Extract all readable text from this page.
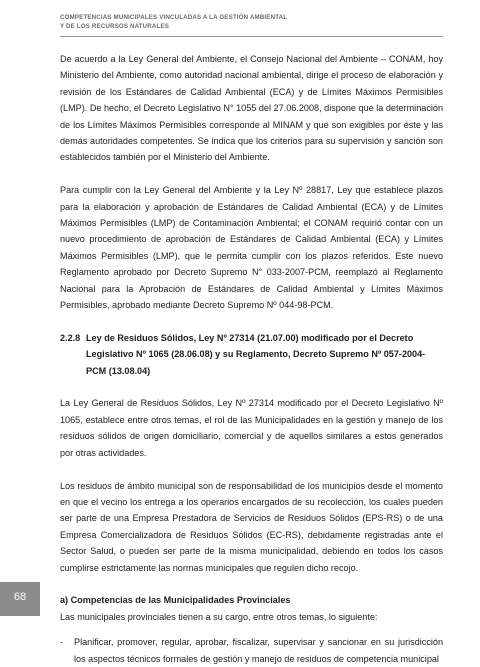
COMPETENCIAS MUNICIPALES VINCULADAS A LA GESTIÓN AMBIENTAL
Y DE LOS RECURSOS NATURALES

De acuerdo a la Ley General del Ambiente, el Consejo Nacional del Ambiente – CONAM, hoy Ministerio del Ambiente, como autoridad nacional ambiental, dirige el proceso de elaboración y revisión de los Estándares de Calidad Ambiental (ECA) y de Límites Máximos Permisibles (LMP). De hecho, el Decreto Legislativo N° 1055 del 27.06.2008, dispone que la determinación de los Límites Máximos Permisibles corresponde al MINAM y que son exigibles por éste y las demás autoridades competentes. Se indica que los criterios para su supervisión y sanción son establecidos también por el Ministerio del Ambiente.

Para cumplir con la Ley General del Ambiente y la Ley Nº 28817, Ley que establece plazos para la elaboración y aprobación de Estándares de Calidad Ambiental (ECA) y de Límites Máximos Permisibles (LMP) de Contaminación Ambiental; el CONAM requirió contar con un nuevo procedimiento de aprobación de Estándares de Calidad Ambiental (ECA) y Límites Máximos Permisibles (LMP), que le permita cumplir con los plazos referidos. Este nuevo Reglamento aprobado por Decreto Supremo N° 033-2007-PCM, reemplazó al Reglamento Nacional para la Aprobación de Estándares de Calidad Ambiental y Límites Máximos Permisibles, aprobado mediante Decreto Supremo Nº 044-98-PCM.

2.2.8 Ley de Residuos Sólidos, Ley Nº 27314 (21.07.00) modificado por el Decreto Legislativo Nº 1065 (28.06.08) y su Reglamento, Decreto Supremo Nº 057-2004-PCM (13.08.04)

La Ley General de Residuos Sólidos, Ley Nº 27314 modificado por el Decreto Legislativo Nº 1065, establece entre otros temas, el rol de las Municipalidades en la gestión y manejo de los residuos sólidos de origen domiciliario, comercial y de aquellos similares a estos generados por otras actividades.

Los residuos de ámbito municipal son de responsabilidad de los municipios desde el momento en que el vecino los entrega a los operarios encargados de su recolección, los cuales pueden ser parte de una Empresa Prestadora de Servicios de Residuos Sólidos (EPS-RS) o de una Empresa Comercializadora de Residuos Sólidos (EC-RS), debidamente registradas ante el Sector Salud, o pueden ser parte de la misma municipalidad, debiendo en todos los casos cumplirse estrictamente las normas municipales que regulen dicho recojo.

a) Competencias de las Municipalidades Provinciales
Las municipales provinciales tienen a su cargo, entre otros temas, lo siguiente:
-	Planificar, promover, regular, aprobar, fiscalizar, supervisar y sancionar en su jurisdicción los aspectos técnicos formales de gestión y manejo de residuos de competencia municipal
68
